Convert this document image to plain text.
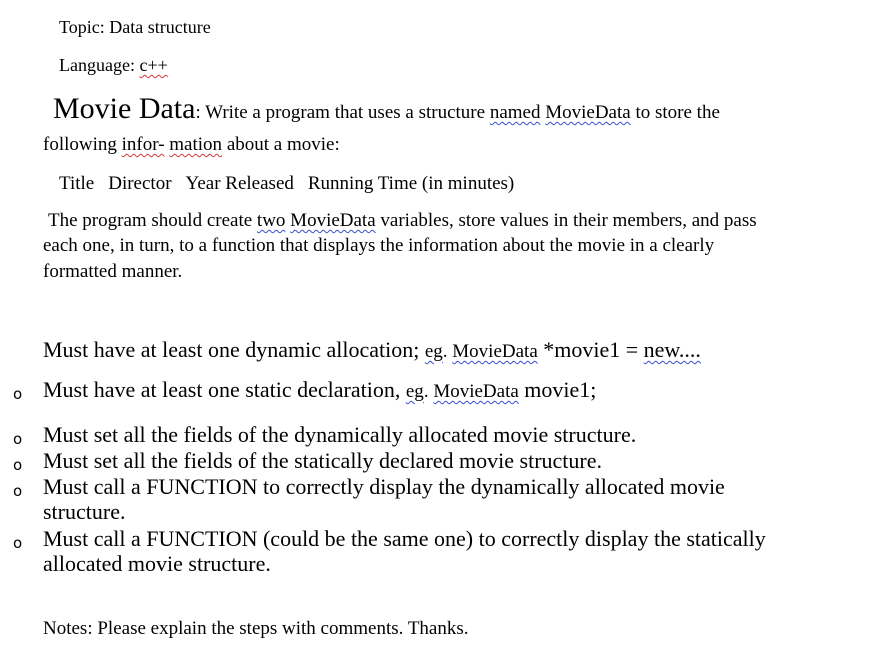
Topic: Data structure
Language: c++
Movie Data: Write a program that uses a structure named MovieData to store the
following infor- mation about a movie:
Title Director Year Released Running Time (in minutes)
The program should create two MovieData variables, store values in their members, and pass
each one, in turn, to a function that displays the information about the movie in a clearly
formatted manner.
Must have at least one dynamic allocation; eg. MovieData *movie1 = new....
o Must have at least one static declaration, eg. MovieData movie1;
o Must set all the fields of the dynamically allocated movie structure.
o Must set all the fields of the statically declared movie structure.
o Must call a FUNCTION to correctly display the dynamically allocated movie
structure.
o Must call a FUNCTION (could be the same one) to correctly display the statically
allocated movie structure.
Notes: Please explain the steps with comments. Thanks.
